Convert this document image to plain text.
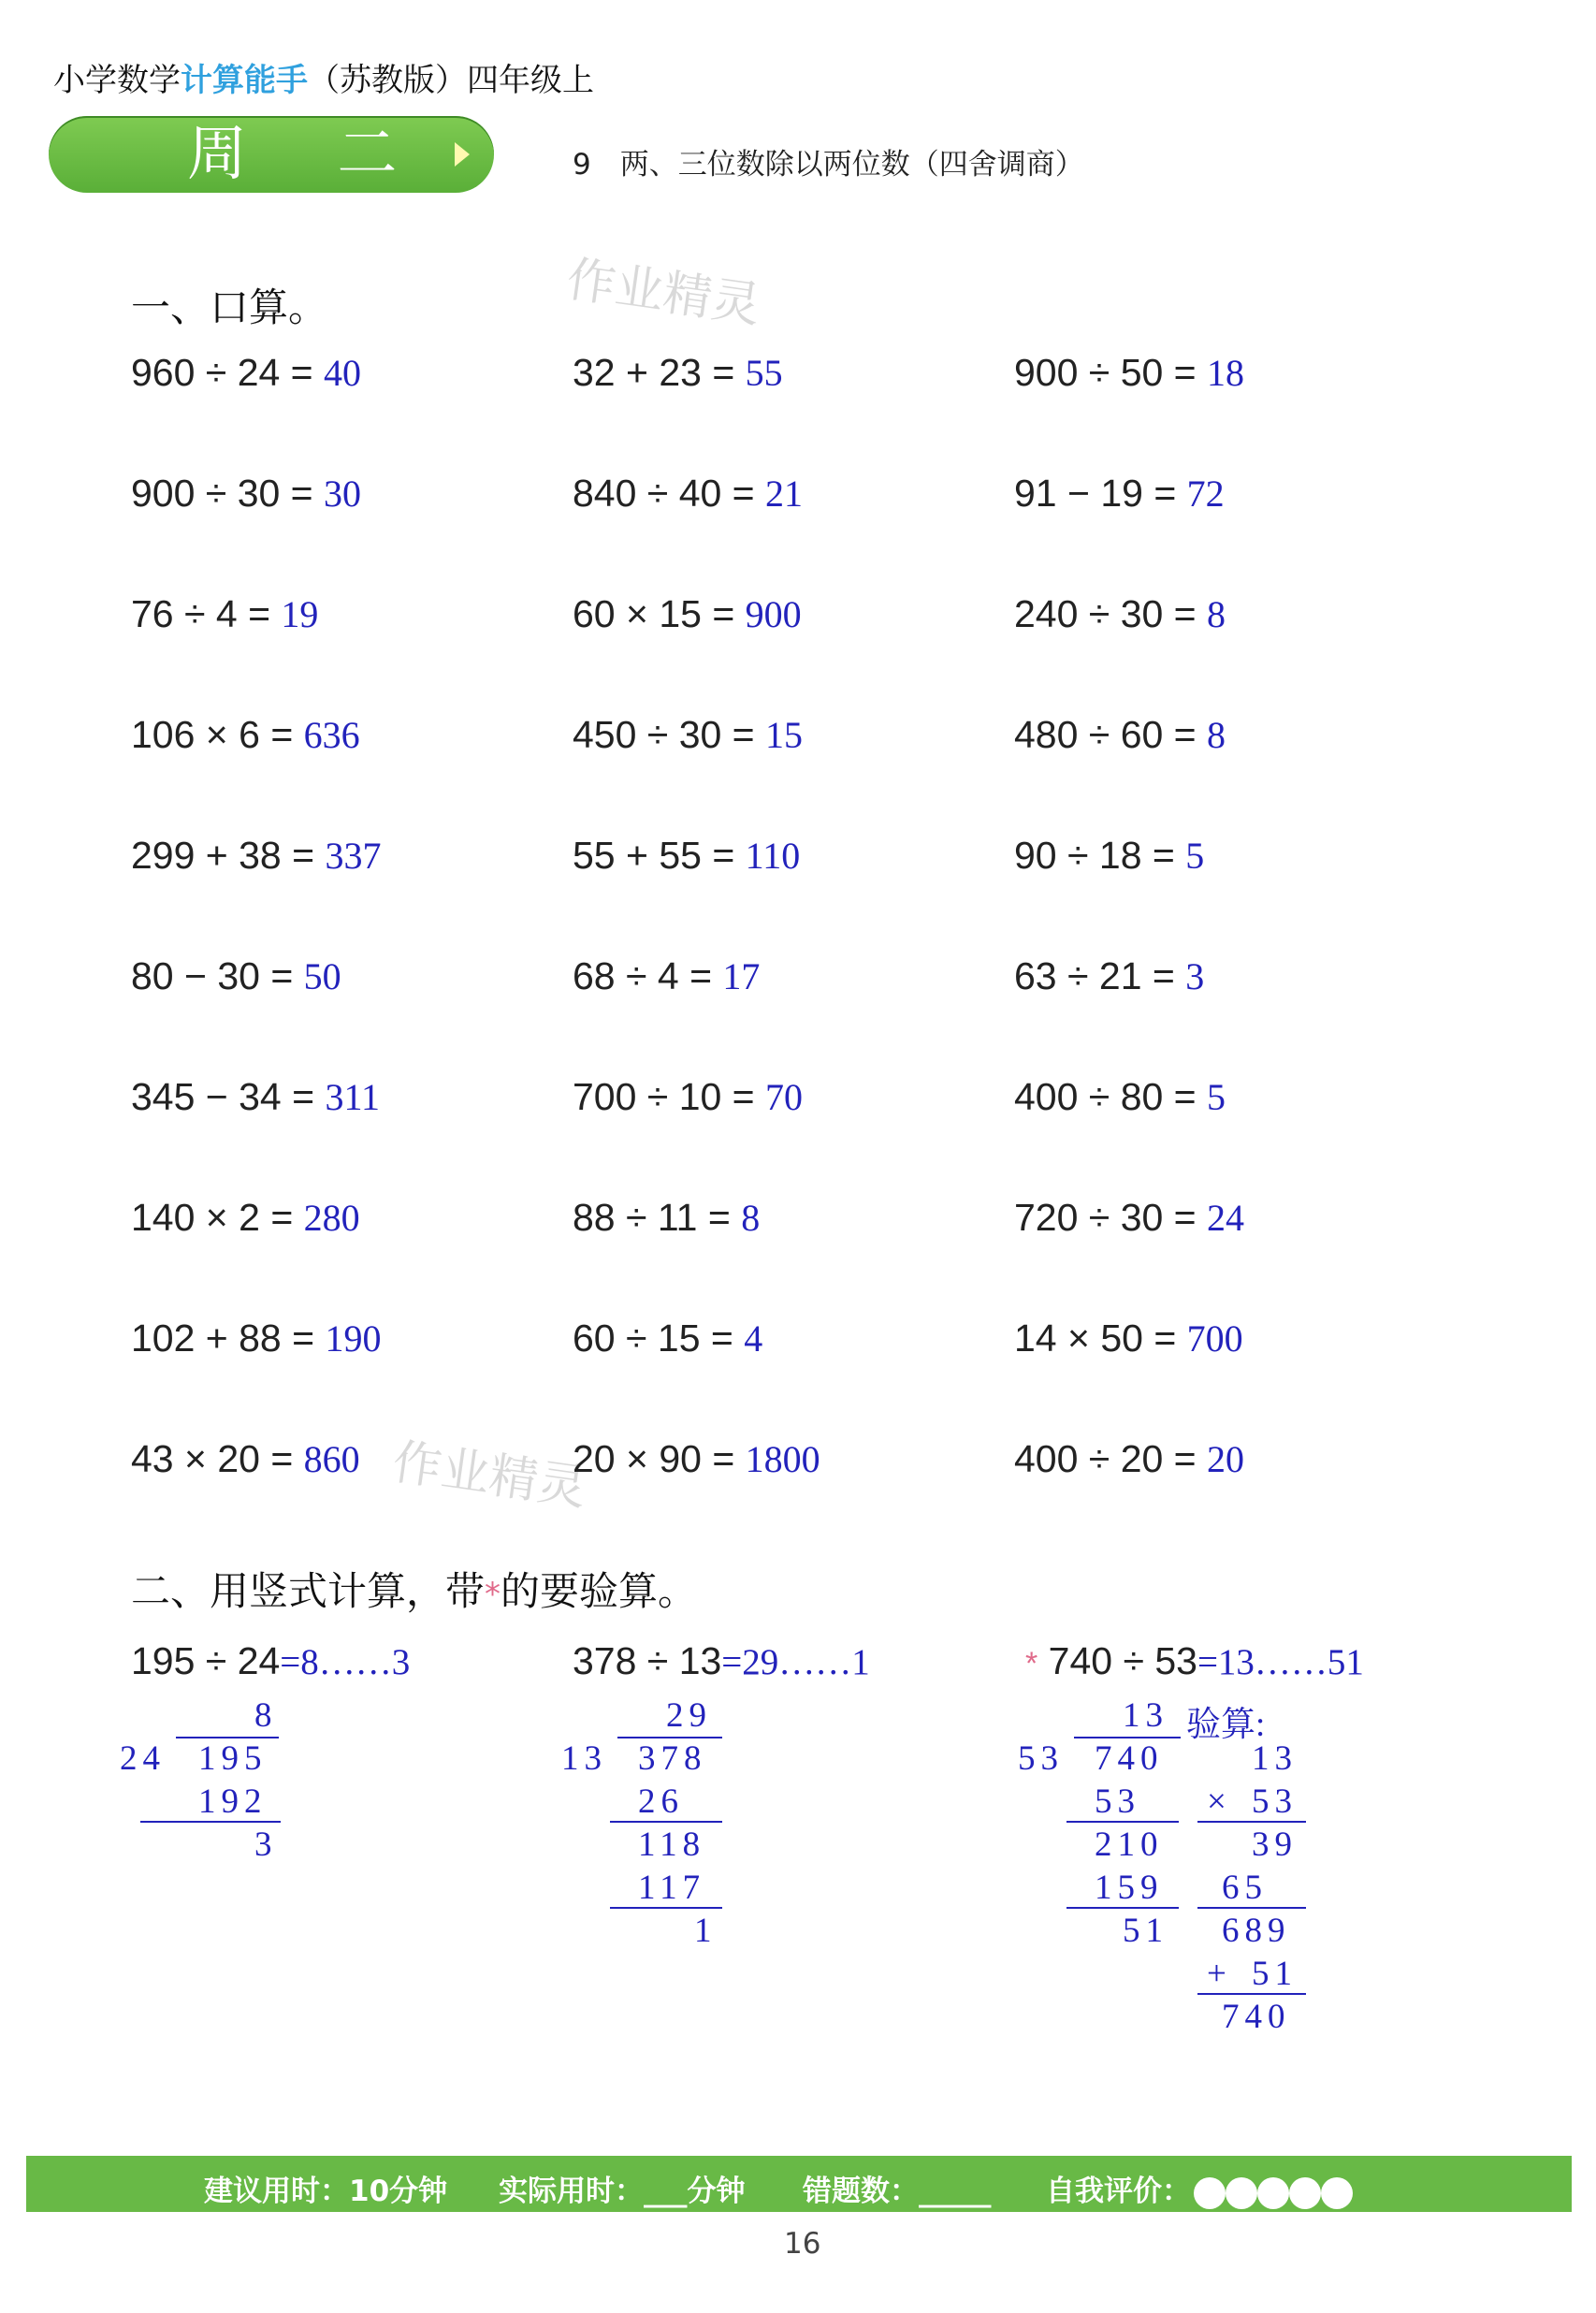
小学数学计算能手（苏教版）四年级上
周 二	9　两、三位数除以两位数（四舍调商）
作业精灵
作业精灵
一、口算。
960 ÷ 24 = 40	32 + 23 = 55	900 ÷ 50 = 18
900 ÷ 30 = 30	840 ÷ 40 = 21	91 − 19 = 72
76 ÷ 4 = 19	60 × 15 = 900	240 ÷ 30 = 8
106 × 6 = 636	450 ÷ 30 = 15	480 ÷ 60 = 8
299 + 38 = 337	55 + 55 = 110	90 ÷ 18 = 5
80 − 30 = 50	68 ÷ 4 = 17	63 ÷ 21 = 3
345 − 34 = 311	700 ÷ 10 = 70	400 ÷ 80 = 5
140 × 2 = 280	88 ÷ 11 = 8	720 ÷ 30 = 24
102 + 88 = 190	60 ÷ 15 = 4	14 × 50 = 700
43 × 20 = 860	20 × 90 = 1800	400 ÷ 20 = 20
二、用竖式计算，带*的要验算。
195 ÷ 24=8……3
8
24 195
192
3
378 ÷ 13=29……1
29
13 378
26
118
117
1
* 740 ÷ 53=13……51
13 验算:
53 740
53
210
159
51
13
× 53
39
65
689
+ 51
740
建议用时：10分钟 实际用时：___分钟 错题数：_____ 自我评价：
16
